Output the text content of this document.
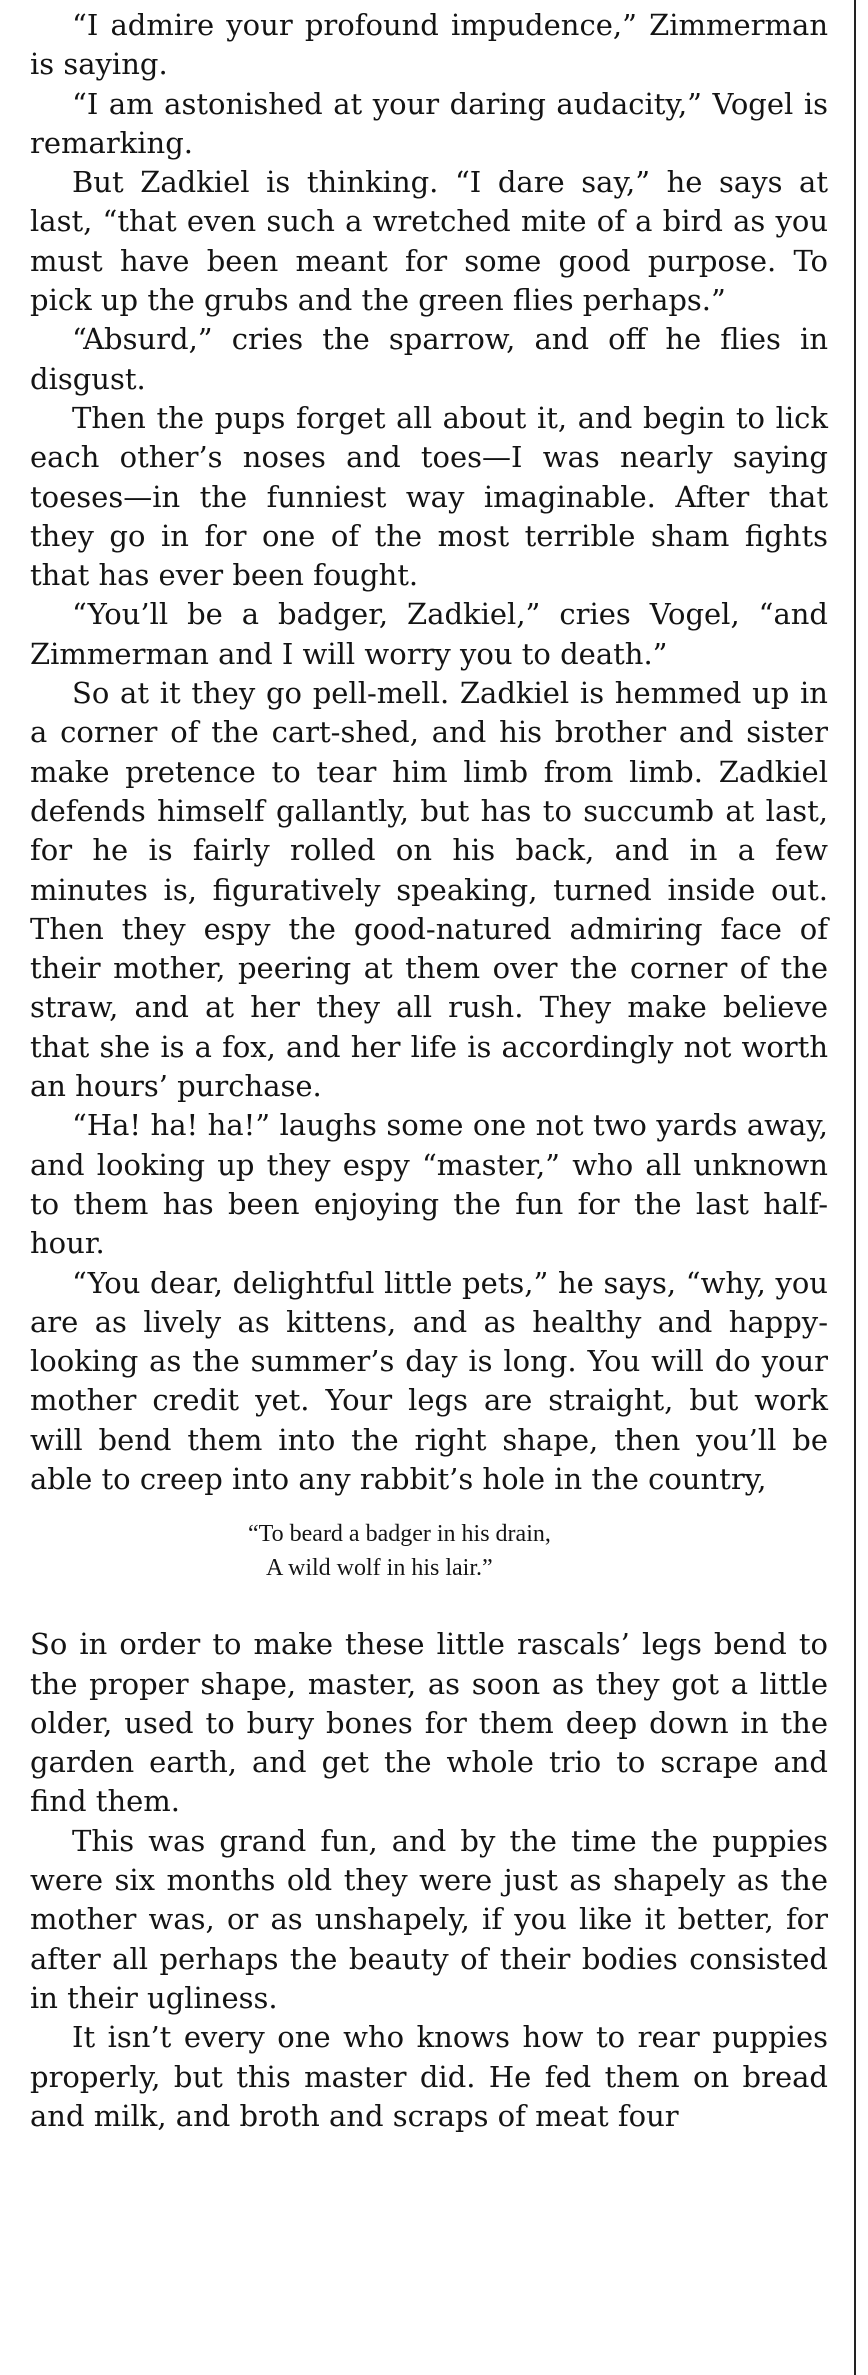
“I admire your profound impudence,” Zimmerman is saying.

“I am astonished at your daring audacity,” Vogel is remarking.

But Zadkiel is thinking. “I dare say,” he says at last, “that even such a wretched mite of a bird as you must have been meant for some good purpose. To pick up the grubs and the green flies perhaps.”

“Absurd,” cries the sparrow, and off he flies in disgust.

Then the pups forget all about it, and begin to lick each other’s noses and toes—I was nearly saying toeses—in the funniest way imaginable. After that they go in for one of the most terrible sham fights that has ever been fought.

“You’ll be a badger, Zadkiel,” cries Vogel, “and Zimmerman and I will worry you to death.”

So at it they go pell-mell. Zadkiel is hemmed up in a corner of the cart-shed, and his brother and sister make pretence to tear him limb from limb. Zadkiel defends himself gallantly, but has to succumb at last, for he is fairly rolled on his back, and in a few minutes is, figuratively speaking, turned inside out. Then they espy the good-natured admiring face of their mother, peering at them over the corner of the straw, and at her they all rush. They make believe that she is a fox, and her life is accordingly not worth an hours’ purchase.

“Ha! ha! ha!” laughs some one not two yards away, and looking up they espy “master,” who all unknown to them has been enjoying the fun for the last half-hour.

“You dear, delightful little pets,” he says, “why, you are as lively as kittens, and as healthy and happy-looking as the summer’s day is long. You will do your mother credit yet. Your legs are straight, but work will bend them into the right shape, then you’ll be able to creep into any rabbit’s hole in the country,

“To beard a badger in his drain,
A wild wolf in his lair.”

So in order to make these little rascals’ legs bend to the proper shape, master, as soon as they got a little older, used to bury bones for them deep down in the garden earth, and get the whole trio to scrape and find them.

This was grand fun, and by the time the puppies were six months old they were just as shapely as the mother was, or as unshapely, if you like it better, for after all perhaps the beauty of their bodies consisted in their ugliness.

It isn’t every one who knows how to rear puppies properly, but this master did. He fed them on bread and milk, and broth and scraps of meat four
